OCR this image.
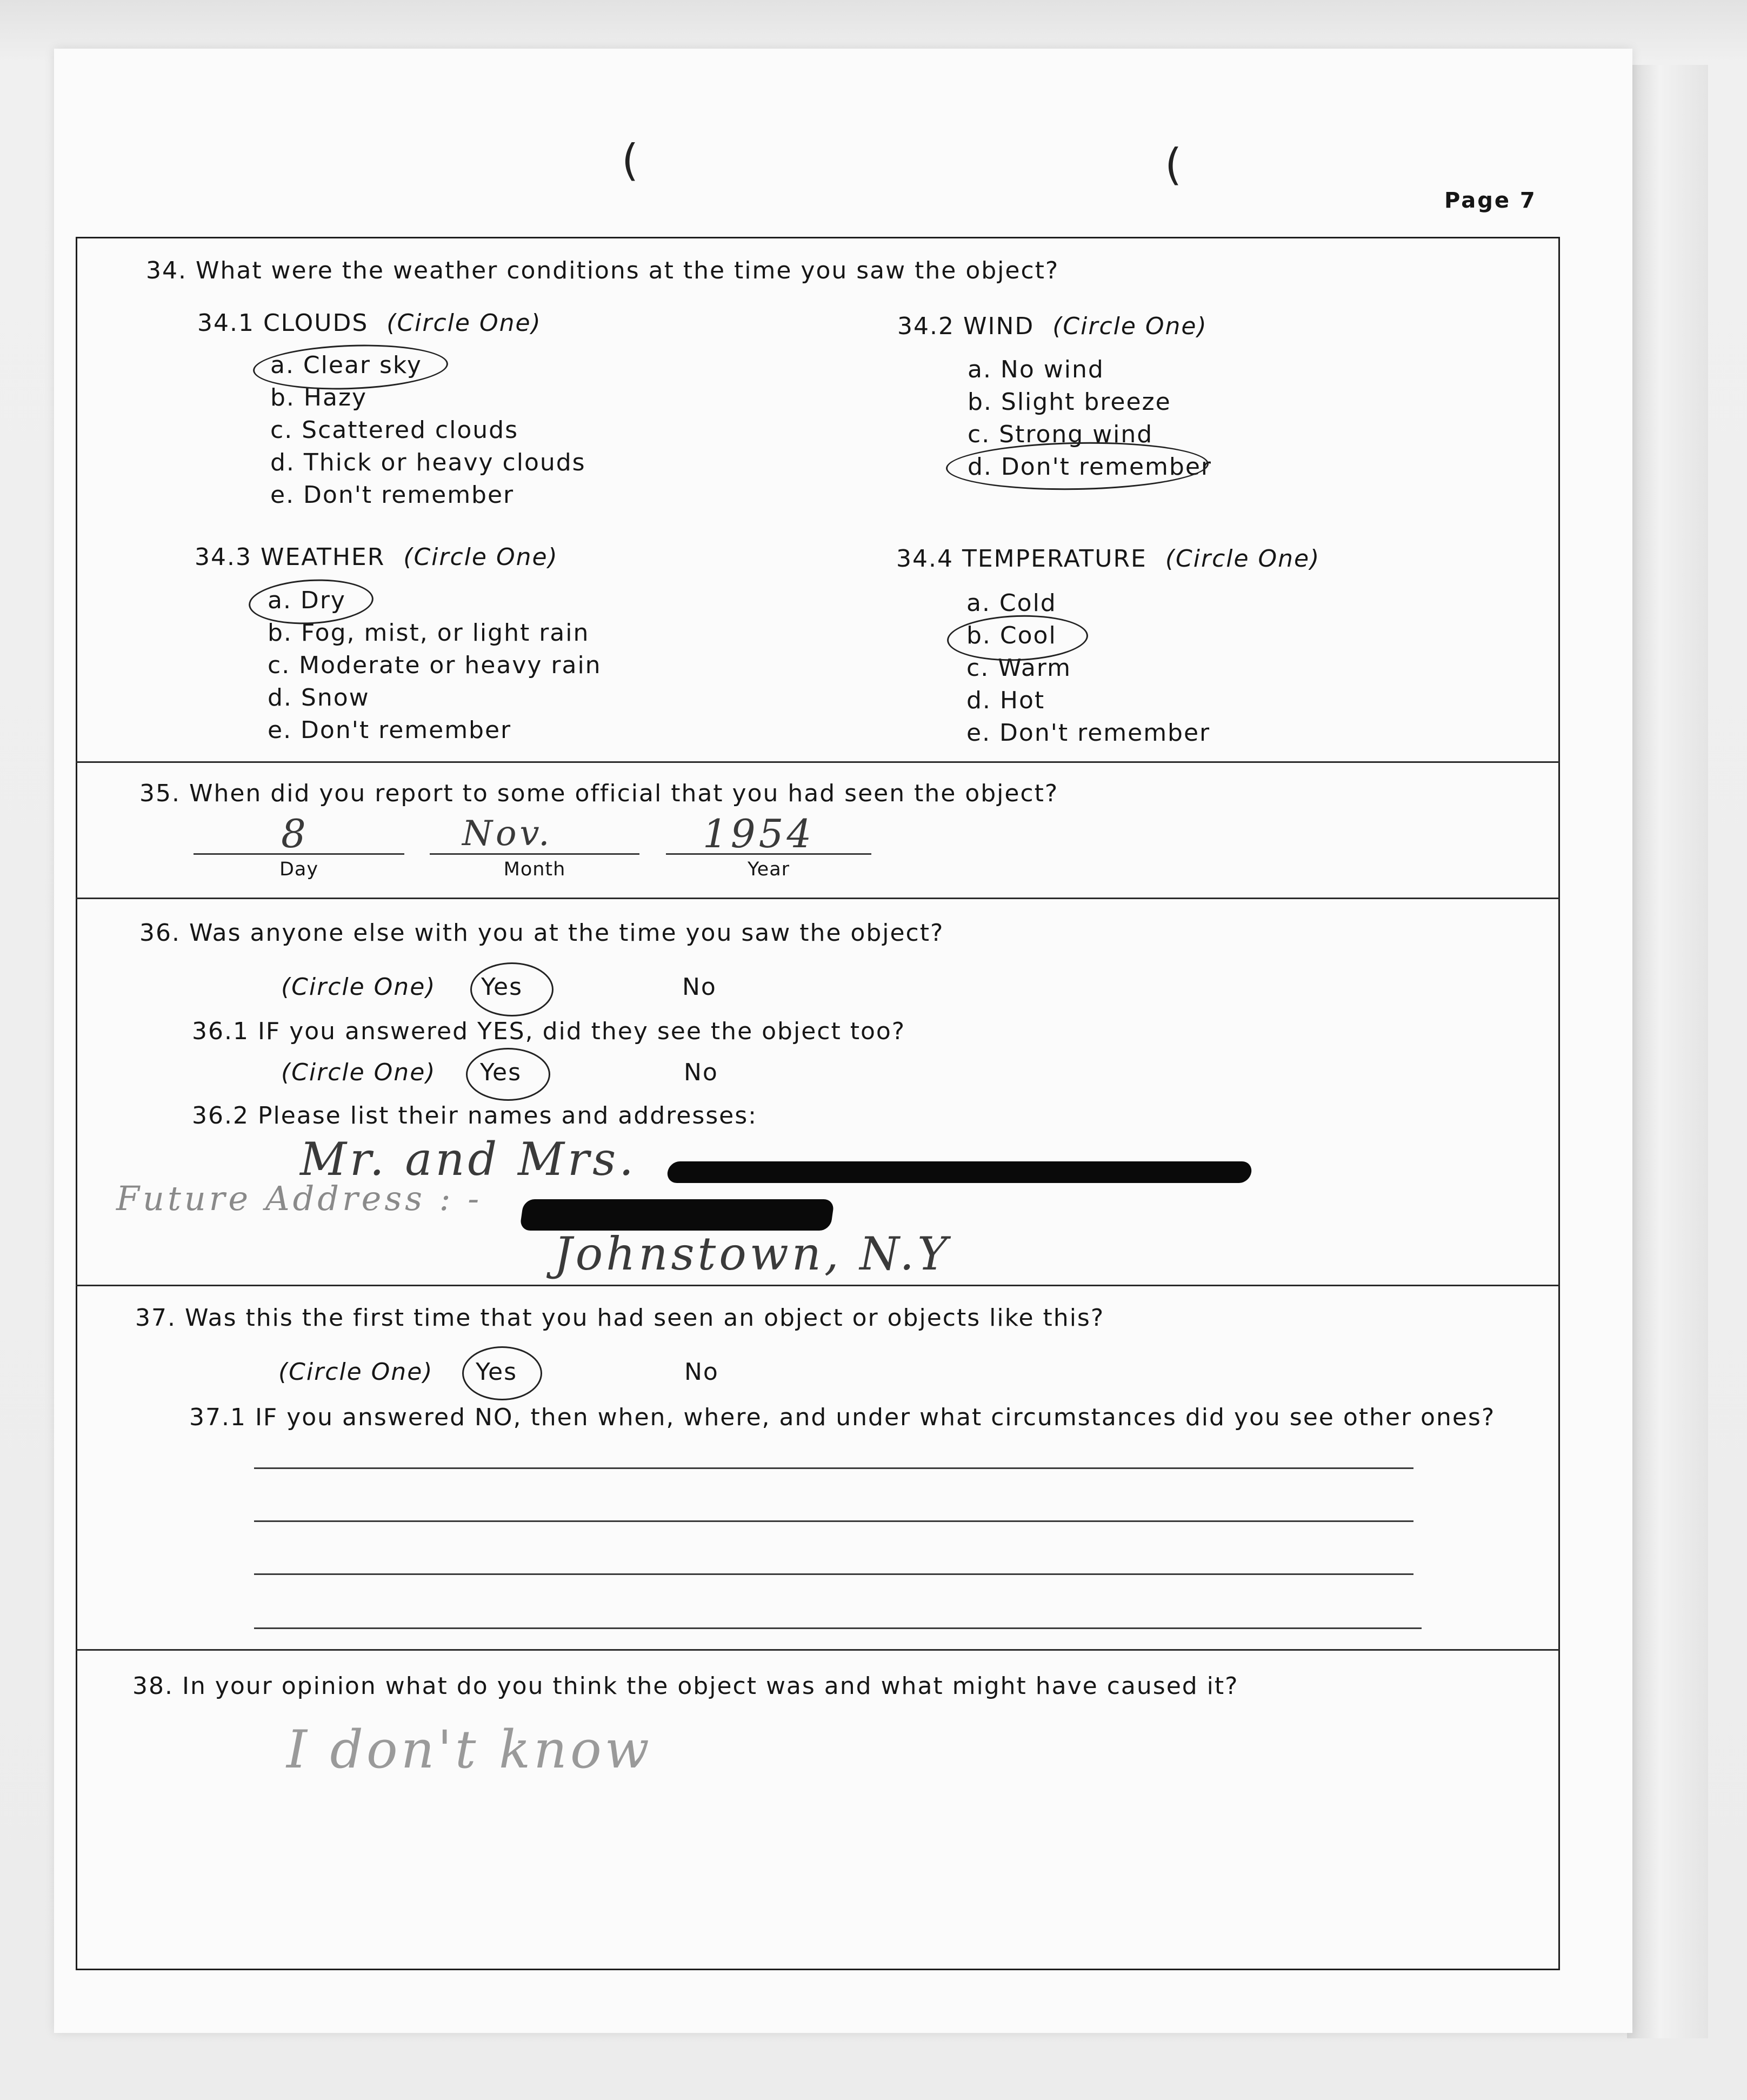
(	(
Page 7
34. What were the weather conditions at the time you saw the object?
34.1 CLOUDS (Circle One)
a. Clear sky
b. Hazy
c. Scattered clouds
d. Thick or heavy clouds
e. Don't remember
34.2 WIND (Circle One)
a. No wind
b. Slight breeze
c. Strong wind
d. Don't remember
34.3 WEATHER (Circle One)
a. Dry
b. Fog, mist, or light rain
c. Moderate or heavy rain
d. Snow
e. Don't remember
34.4 TEMPERATURE (Circle One)
a. Cold
b. Cool
c. Warm
d. Hot
e. Don't remember
35. When did you report to some official that you had seen the object?
8	Nov.	1954
Day	Month	Year
36. Was anyone else with you at the time you saw the object?
(Circle One) Yes	No
36.1 IF you answered YES, did they see the object too?
(Circle One) Yes	No
36.2 Please list their names and addresses:
Mr. and Mrs.
Future Address : -
Johnstown, N.Y
37. Was this the first time that you had seen an object or objects like this?
(Circle One) Yes	No
37.1 IF you answered NO, then when, where, and under what circumstances did you see other ones?
38. In your opinion what do you think the object was and what might have caused it?
I don't know
